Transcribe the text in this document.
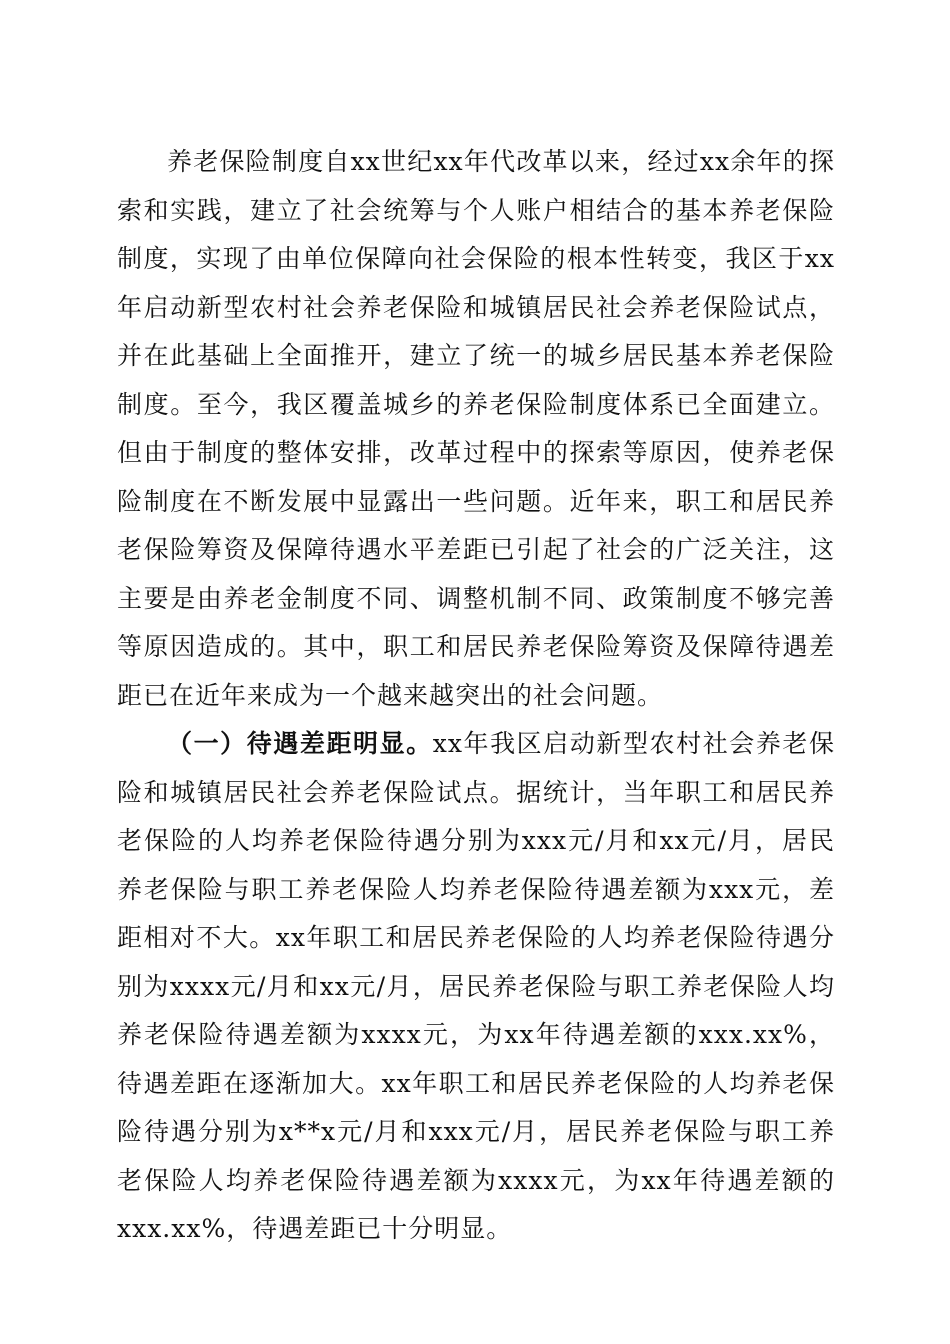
养老保险制度自xx世纪xx年代改革以来，经过xx余年的探索和实践，建立了社会统筹与个人账户相结合的基本养老保险制度，实现了由单位保障向社会保险的根本性转变，我区于xx年启动新型农村社会养老保险和城镇居民社会养老保险试点，并在此基础上全面推开，建立了统一的城乡居民基本养老保险制度。至今，我区覆盖城乡的养老保险制度体系已全面建立。但由于制度的整体安排，改革过程中的探索等原因，使养老保险制度在不断发展中显露出一些问题。近年来，职工和居民养老保险筹资及保障待遇水平差距已引起了社会的广泛关注，这主要是由养老金制度不同、调整机制不同、政策制度不够完善等原因造成的。其中，职工和居民养老保险筹资及保障待遇差距已在近年来成为一个越来越突出的社会问题。

（一）待遇差距明显。xx年我区启动新型农村社会养老保险和城镇居民社会养老保险试点。据统计，当年职工和居民养老保险的人均养老保险待遇分别为xxx元/月和xx元/月，居民养老保险与职工养老保险人均养老保险待遇差额为xxx元，差距相对不大。xx年职工和居民养老保险的人均养老保险待遇分别为xxxx元/月和xx元/月，居民养老保险与职工养老保险人均养老保险待遇差额为xxxx元，为xx年待遇差额的xxx.xx%，待遇差距在逐渐加大。xx年职工和居民养老保险的人均养老保险待遇分别为x**x元/月和xxx元/月，居民养老保险与职工养老保险人均养老保险待遇差额为xxxx元，为xx年待遇差额的xxx.xx%，待遇差距已十分明显。
